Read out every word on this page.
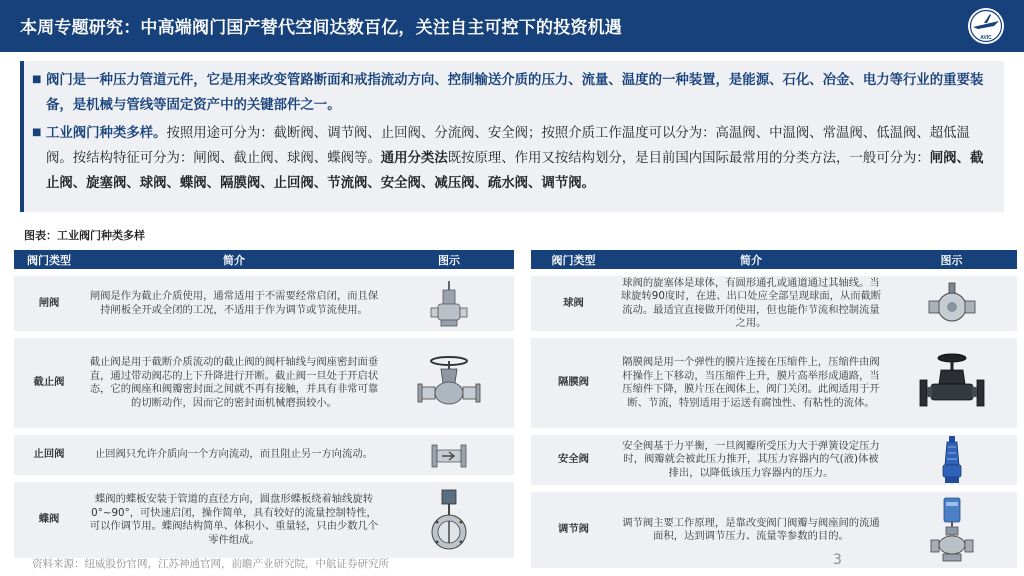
本周专题研究：中高端阀门国产替代空间达数百亿，关注自主可控下的投资机遇	AVIC
■ 阀门是一种压力管道元件，它是用来改变管路断面和戒指流动方向、控制输送介质的压力、流量、温度的一种装置，是能源、石化、冶金、电力等行业的重要装备，是机械与管线等固定资产中的关键部件之一。
■ 工业阀门种类多样。按照用途可分为：截断阀、调节阀、止回阀、分流阀、安全阀；按照介质工作温度可以分为：高温阀、中温阀、常温阀、低温阀、超低温阀。按结构特征可分为：闸阀、截止阀、球阀、蝶阀等。通用分类法既按原理、作用又按结构划分，是目前国内国际最常用的分类方法，一般可分为：闸阀、截止阀、旋塞阀、球阀、蝶阀、隔膜阀、止回阀、节流阀、安全阀、减压阀、疏水阀、调节阀。
图表：工业阀门种类多样
阀门类型	简介	图示
闸阀	闸阀是作为截止介质使用，通常适用于不需要经常启闭，而且保持闸板全开或全闭的工况，不适用于作为调节或节流使用。	
截止阀	截止阀是用于截断介质流动的截止阀的阀杆轴线与阀座密封面垂直，通过带动阀芯的上下升降进行开断。截止阀一旦处于开启状态，它的阀座和阀瓣密封面之间就不再有接触，并具有非常可靠的切断动作，因而它的密封面机械磨损较小。	
止回阀	止回阀只允许介质向一个方向流动，而且阻止另一方向流动。	
蝶阀	蝶阀的蝶板安装于管道的直径方向，圆盘形蝶板绕着轴线旋转0°~90°，可快速启闭，操作简单，具有较好的流量控制特性，可以作调节用。蝶阀结构简单、体积小、重量轻，只由少数几个零件组成。	
阀门类型	简介	图示
球阀	球阀的旋塞体是球体，有圆形通孔或通道通过其轴线。当球旋转90度时，在进、出口处应全部呈现球面，从而截断流动。最适宜直接做开闭使用，但也能作节流和控制流量之用。	
隔膜阀	隔膜阀是用一个弹性的膜片连接在压缩件上，压缩件由阀杆操作上下移动，当压缩件上升，膜片高举形成通路，当压缩件下降，膜片压在阀体上，阀门关闭。此阀适用于开断、节流，特别适用于运送有腐蚀性、有粘性的流体。	
安全阀	安全阀基于力平衡，一旦阀瓣所受压力大于弹簧设定压力时，阀瓣就会被此压力推开，其压力容器内的气(液)体被排出，以降低该压力容器内的压力。	
调节阀	调节阀主要工作原理，是靠改变阀门阀瓣与阀座间的流通面积，达到调节压力、流量等参数的目的。	
资料来源：纽威股份官网，江苏神通官网，前瞻产业研究院，中航证券研究所	3
